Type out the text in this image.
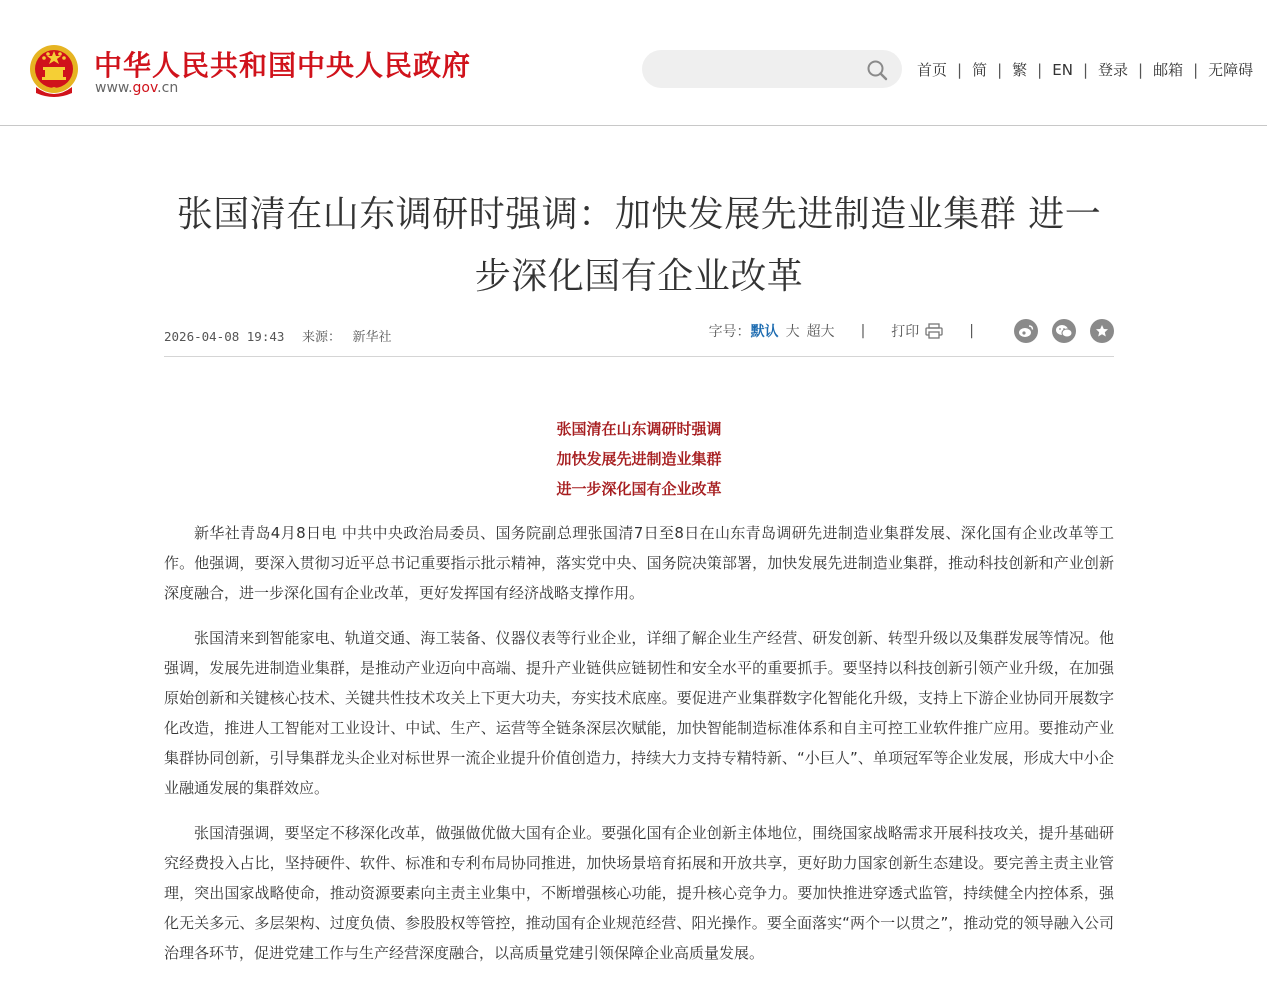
中华人民共和国中央人民政府
www.gov.cn
首页 | 简 | 繁 | EN | 登录 | 邮箱 | 无障碍
张国清在山东调研时强调：加快发展先进制造业集群 进一步深化国有企业改革
2026-04-08 19:43 来源： 新华社	字号： 默认 大 超大 | 打印	|
张国清在山东调研时强调
加快发展先进制造业集群
进一步深化国有企业改革

新华社青岛4月8日电 中共中央政治局委员、国务院副总理张国清7日至8日在山东青岛调研先进制造业集群发展、深化国有企业改革等工作。他强调，要深入贯彻习近平总书记重要指示批示精神，落实党中央、国务院决策部署，加快发展先进制造业集群，推动科技创新和产业创新深度融合，进一步深化国有企业改革，更好发挥国有经济战略支撑作用。

张国清来到智能家电、轨道交通、海工装备、仪器仪表等行业企业，详细了解企业生产经营、研发创新、转型升级以及集群发展等情况。他强调，发展先进制造业集群，是推动产业迈向中高端、提升产业链供应链韧性和安全水平的重要抓手。要坚持以科技创新引领产业升级，在加强原始创新和关键核心技术、关键共性技术攻关上下更大功夫，夯实技术底座。要促进产业集群数字化智能化升级，支持上下游企业协同开展数字化改造，推进人工智能对工业设计、中试、生产、运营等全链条深层次赋能，加快智能制造标准体系和自主可控工业软件推广应用。要推动产业集群协同创新，引导集群龙头企业对标世界一流企业提升价值创造力，持续大力支持专精特新、“小巨人”、单项冠军等企业发展，形成大中小企业融通发展的集群效应。

张国清强调，要坚定不移深化改革，做强做优做大国有企业。要强化国有企业创新主体地位，围绕国家战略需求开展科技攻关，提升基础研究经费投入占比，坚持硬件、软件、标准和专利布局协同推进，加快场景培育拓展和开放共享，更好助力国家创新生态建设。要完善主责主业管理，突出国家战略使命，推动资源要素向主责主业集中，不断增强核心功能，提升核心竞争力。要加快推进穿透式监管，持续健全内控体系，强化无关多元、多层架构、过度负债、参股股权等管控，推动国有企业规范经营、阳光操作。要全面落实“两个一以贯之”，推动党的领导融入公司治理各环节，促进党建工作与生产经营深度融合，以高质量党建引领保障企业高质量发展。
